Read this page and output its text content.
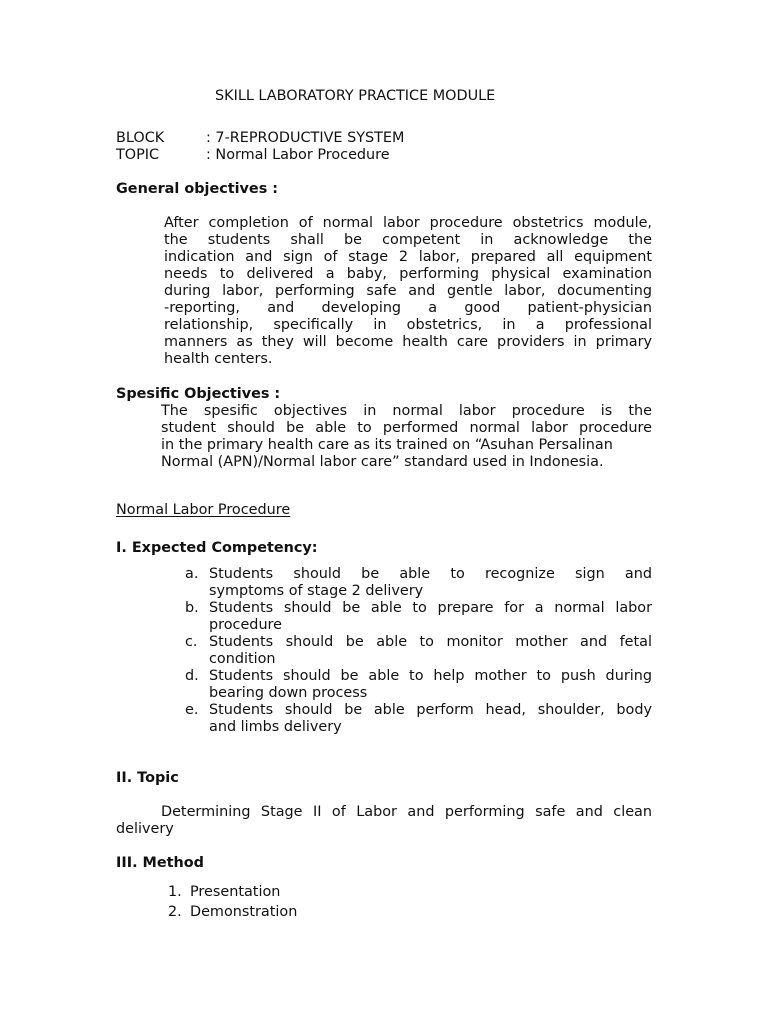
SKILL LABORATORY PRACTICE MODULE
BLOCK	: 7-REPRODUCTIVE SYSTEM
TOPIC	: Normal Labor Procedure
General objectives :
After completion of normal labor procedure obstetrics module,
the students shall be competent in acknowledge the
indication and sign of stage 2 labor, prepared all equipment
needs to delivered a baby, performing physical examination
during labor, performing safe and gentle labor, documenting
-reporting, and developing a good patient-physician
relationship, specifically in obstetrics, in a professional
manners as they will become health care providers in primary
health centers.
Spesific Objectives :
The spesific objectives in normal labor procedure is the
student should be able to performed normal labor procedure
in the primary health care as its trained on “Asuhan Persalinan
Normal (APN)/Normal labor care” standard used in Indonesia.
Normal Labor Procedure
I. Expected Competency:
a. Students should be able to recognize sign and
symptoms of stage 2 delivery
b. Students should be able to prepare for a normal labor
procedure
c. Students should be able to monitor mother and fetal
condition
d. Students should be able to help mother to push during
bearing down process
e. Students should be able perform head, shoulder, body
and limbs delivery
II. Topic
Determining Stage II of Labor and performing safe and clean
delivery
III. Method
1. Presentation
2. Demonstration
